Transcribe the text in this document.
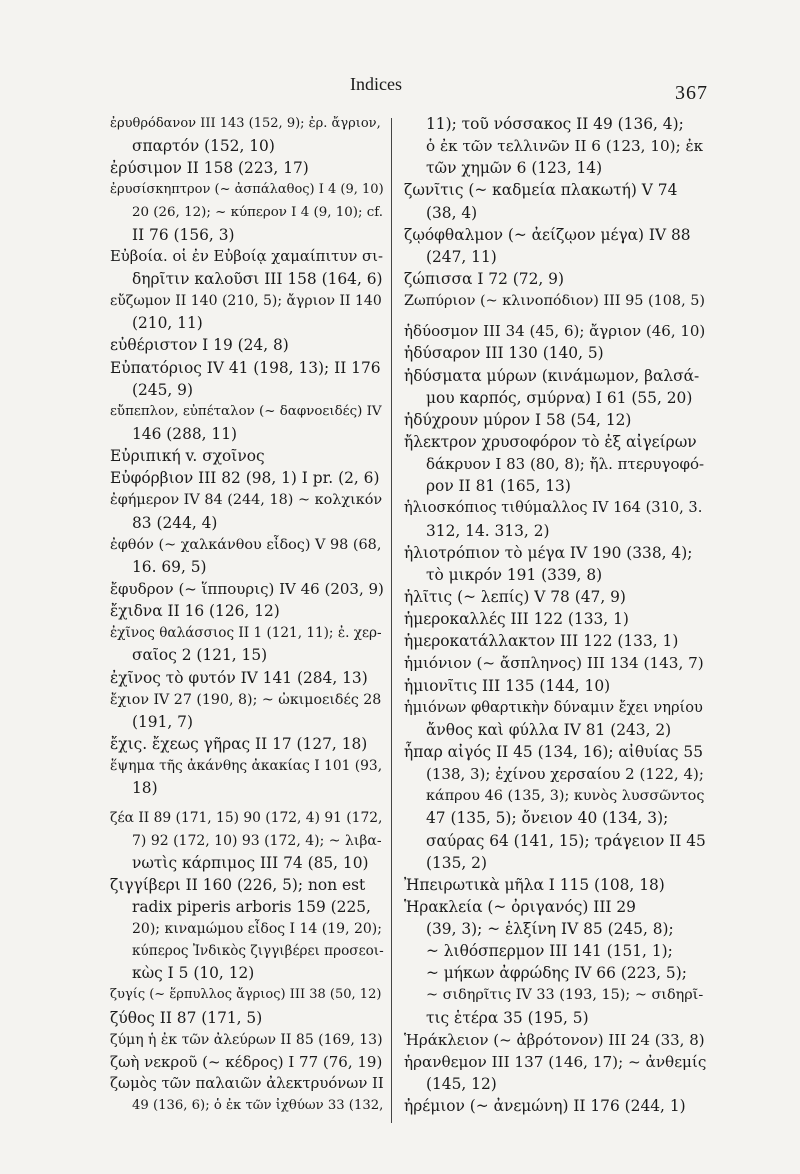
Indices	367
ἐρυθρόδανον III 143 (152, 9); ἐρ. ἄγριον,
σπαρτόν (152, 10)
ἐρύσιμον II 158 (223, 17)
ἐρυσίσκηπτρον (~ ἀσπάλαθος) I 4 (9, 10)
20 (26, 12); ~ κύπερον I 4 (9, 10); cf.
II 76 (156, 3)
Εὐβοία. οἱ ἐν Εὐβοίᾳ χαμαίπιτυν σι-
δηρῖτιν καλοῦσι III 158 (164, 6)
εὔζωμον II 140 (210, 5); ἄγριον II 140
(210, 11)
εὐθέριστον I 19 (24, 8)
Εὐπατόριος IV 41 (198, 13); II 176
(245, 9)
εὔπεπλον, εὐπέταλον (~ δαφνοειδές) IV
146 (288, 11)
Εὐριπική v. σχοῖνος
Εὐφόρβιον III 82 (98, 1) I pr. (2, 6)
ἐφήμερον IV 84 (244, 18) ~ κολχικόν
83 (244, 4)
ἐφθόν (~ χαλκάνθου εἶδος) V 98 (68,
16. 69, 5)
ἔφυδρον (~ ἵππουρις) IV 46 (203, 9)
ἔχιδνα II 16 (126, 12)
ἐχῖνος θαλάσσιος II 1 (121, 11); ἐ. χερ-
σαῖος 2 (121, 15)
ἐχῖνος τὸ φυτόν IV 141 (284, 13)
ἔχιον IV 27 (190, 8); ~ ὠκιμοειδές 28
(191, 7)
ἔχις. ἔχεως γῆρας II 17 (127, 18)
ἕψημα τῆς ἀκάνθης ἀκακίας I 101 (93,
18)
ζέα II 89 (171, 15) 90 (172, 4) 91 (172,
7) 92 (172, 10) 93 (172, 4); ~ λιβα-
νωτὶς κάρπιμος III 74 (85, 10)
ζιγγίβερι II 160 (226, 5); non est
radix piperis arboris 159 (225,
20); κιναμώμου εἶδος I 14 (19, 20);
κύπερος Ἰνδικὸς ζιγγιβέρει προσεοι-
κὼς I 5 (10, 12)
ζυγίς (~ ἕρπυλλος ἄγριος) III 38 (50, 12)
ζύθος II 87 (171, 5)
ζύμη ἡ ἐκ τῶν ἀλεύρων II 85 (169, 13)
ζωὴ νεκροῦ (~ κέδρος) I 77 (76, 19)
ζωμὸς τῶν παλαιῶν ἀλεκτρυόνων II
49 (136, 6); ὁ ἐκ τῶν ἰχθύων 33 (132,
11); τοῦ νόσσακος II 49 (136, 4);
ὁ ἐκ τῶν τελλινῶν II 6 (123, 10); ἐκ
τῶν χημῶν 6 (123, 14)
ζωνῖτις (~ καδμεία πλακωτή) V 74
(38, 4)
ζῳόφθαλμον (~ ἀείζῳον μέγα) IV 88
(247, 11)
ζώπισσα I 72 (72, 9)
Ζωπύριον (~ κλινοπόδιον) III 95 (108, 5)
ἡδύοσμον III 34 (45, 6); ἄγριον (46, 10)
ἡδύσαρον III 130 (140, 5)
ἡδύσματα μύρων (κινάμωμον, βαλσά-
μου καρπός, σμύρνα) I 61 (55, 20)
ἡδύχρουν μύρον I 58 (54, 12)
ἤλεκτρον χρυσοφόρον τὸ ἐξ αἰγείρων
δάκρυον I 83 (80, 8); ἤλ. πτερυγοφό-
ρον II 81 (165, 13)
ἡλιοσκόπιος τιθύμαλλος IV 164 (310, 3.
312, 14. 313, 2)
ἡλιοτρόπιον τὸ μέγα IV 190 (338, 4);
τὸ μικρόν 191 (339, 8)
ἡλῖτις (~ λεπίς) V 78 (47, 9)
ἡμεροκαλλές III 122 (133, 1)
ἡμεροκατάλλακτον III 122 (133, 1)
ἡμιόνιον (~ ἄσπληνος) III 134 (143, 7)
ἡμιονῖτις III 135 (144, 10)
ἡμιόνων φθαρτικὴν δύναμιν ἔχει νηρίου
ἄνθος καὶ φύλλα IV 81 (243, 2)
ἧπαρ αἰγός II 45 (134, 16); αἰθυίας 55
(138, 3); ἐχίνου χερσαίου 2 (122, 4);
κάπρου 46 (135, 3); κυνὸς λυσσῶντος
47 (135, 5); ὄνειον 40 (134, 3);
σαύρας 64 (141, 15); τράγειον II 45
(135, 2)
Ἠπειρωτικὰ μῆλα I 115 (108, 18)
Ἡρακλεία (~ ὀριγανός) III 29
(39, 3); ~ ἑλξίνη IV 85 (245, 8);
~ λιθόσπερμον III 141 (151, 1);
~ μήκων ἀφρώδης IV 66 (223, 5);
~ σιδηρῖτις IV 33 (193, 15); ~ σιδηρῖ-
τις ἑτέρα 35 (195, 5)
Ἡράκλειον (~ ἀβρότονον) III 24 (33, 8)
ἡρανθεμον III 137 (146, 17); ~ ἀνθεμίς
(145, 12)
ἠρέμιον (~ ἀνεμώνη) II 176 (244, 1)
